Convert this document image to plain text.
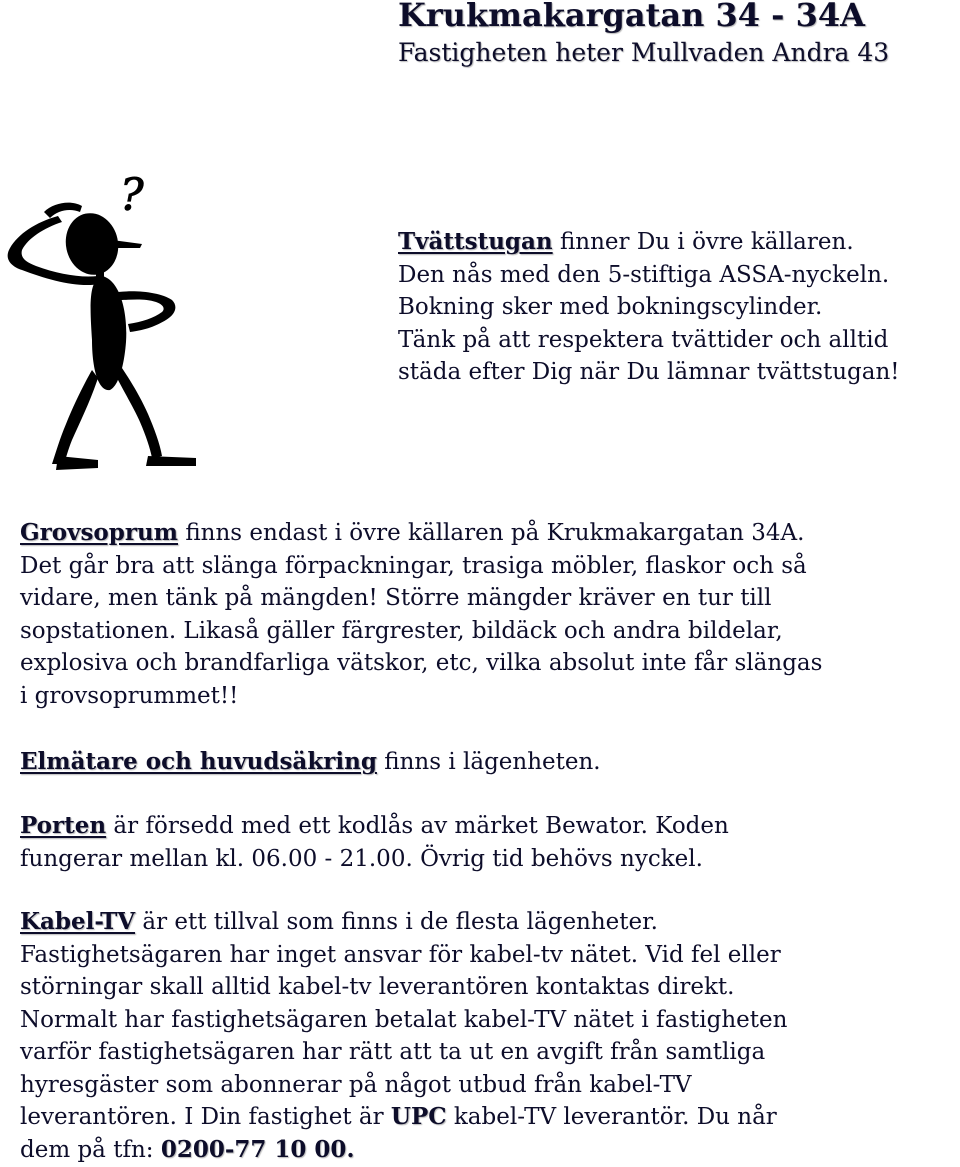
Krukmakargatan 34 - 34A
Fastigheten heter Mullvaden Andra 43
?

Tvättstugan finner Du i övre källaren.

Den nås med den 5-stiftiga ASSA-nyckeln.

Bokning sker med bokningscylinder.

Tänk på att respektera tvättider och alltid

städa efter Dig när Du lämnar tvättstugan!

Grovsoprum finns endast i övre källaren på Krukmakargatan 34A.

Det går bra att slänga förpackningar, trasiga möbler, flaskor och så

vidare, men tänk på mängden! Större mängder kräver en tur till

sopstationen. Likaså gäller färgrester, bildäck och andra bildelar,

explosiva och brandfarliga vätskor, etc, vilka absolut inte får slängas

i grovsoprummet!!

Elmätare och huvudsäkring finns i lägenheten.

Porten är försedd med ett kodlås av märket Bewator. Koden

fungerar mellan kl. 06.00 - 21.00. Övrig tid behövs nyckel.

Kabel-TV är ett tillval som finns i de flesta lägenheter.

Fastighetsägaren har inget ansvar för kabel-tv nätet. Vid fel eller

störningar skall alltid kabel-tv leverantören kontaktas direkt.

Normalt har fastighetsägaren betalat kabel-TV nätet i fastigheten

varför fastighetsägaren har rätt att ta ut en avgift från samtliga

hyresgäster som abonnerar på något utbud från kabel-TV

leverantören. I Din fastighet är UPC kabel-TV leverantör. Du når

dem på tfn: 0200-77 10 00.
